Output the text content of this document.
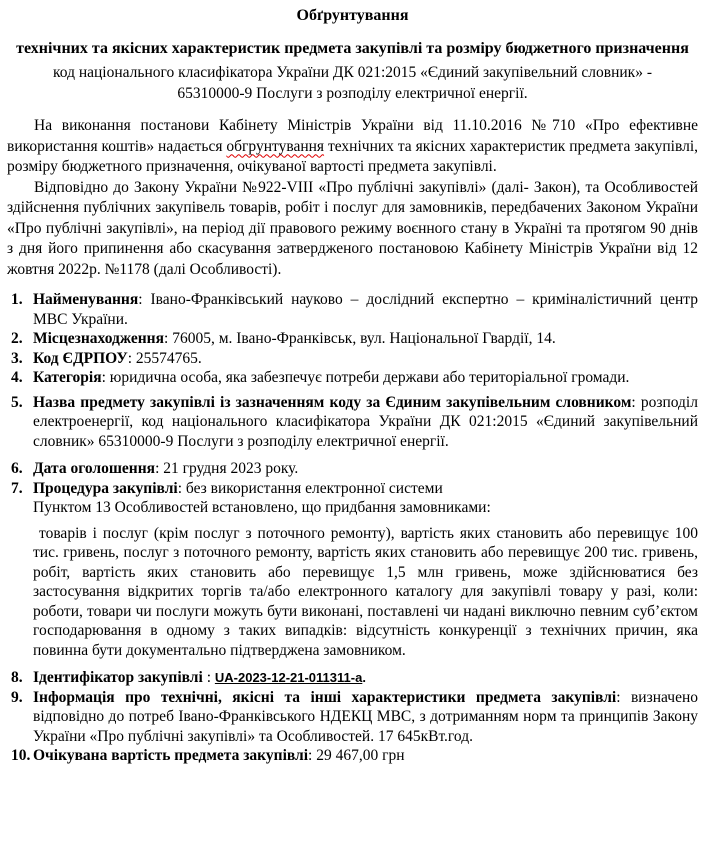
Обґрунтування
технічних та якісних характеристик предмета закупівлі та розміру бюджетного призначення
код національного класифікатора України ДК 021:2015 «Єдиний закупівельний словник» -
65310000-9 Послуги з розподілу електричної енергії.

На виконання постанови Кабінету Міністрів України від 11.10.2016 №710 «Про ефективне використання коштів» надається обгрунтування технічних та якісних характеристик предмета закупівлі, розміру бюджетного призначення, очікуваної вартості предмета закупівлі.

Відповідно до Закону України №922-VIII «Про публічні закупівлі» (далі- Закон), та Особливостей здійснення публічних закупівель товарів, робіт і послуг для замовників, передбачених Законом України «Про публічні закупівлі», на період дії правового режиму воєнного стану в Україні та протягом 90 днів з дня його припинення або скасування затвердженого постановою Кабінету Міністрів України від 12 жовтня 2022р. №1178 (далі Особливості).

1. Найменування: Івано-Франківський науково – дослідний експертно – криміналістичний центр МВС України.
2. Місцезнаходження: 76005, м. Івано-Франківськ, вул. Національної Гвардії, 14.
3. Код ЄДРПОУ: 25574765.
4. Категорія: юридична особа, яка забезпечує потреби держави або територіальної громади.
5. Назва предмету закупівлі із зазначенням коду за Єдиним закупівельним словником: розподіл електроенергії, код національного класифікатора України ДК 021:2015 «Єдиний закупівельний словник» 65310000-9 Послуги з розподілу електричної енергії.
6. Дата оголошення: 21 грудня 2023 року.
7. Процедура закупівлі: без використання електронної системи
Пунктом 13 Особливостей встановлено, що придбання замовниками:
товарів і послуг (крім послуг з поточного ремонту), вартість яких становить або перевищує 100 тис. гривень, послуг з поточного ремонту, вартість яких становить або перевищує 200 тис. гривень, робіт, вартість яких становить або перевищує 1,5 млн гривень, може здійснюватися без застосування відкритих торгів та/або електронного каталогу для закупівлі товару у разі, коли: роботи, товари чи послуги можуть бути виконані, поставлені чи надані виключно певним суб’єктом господарювання в одному з таких випадків: відсутність конкуренції з технічних причин, яка повинна бути документально підтверджена замовником.
8. Ідентифікатор закупівлі : UA-2023-12-21-011311-a.
9. Інформація про технічні, якісні та інші характеристики предмета закупівлі: визначено відповідно до потреб Івано-Франківського НДЕКЦ МВС, з дотриманням норм та принципів Закону України «Про публічні закупівлі» та Особливостей. 17 645кВт.год.
10. Очікувана вартість предмета закупівлі: 29 467,00 грн
